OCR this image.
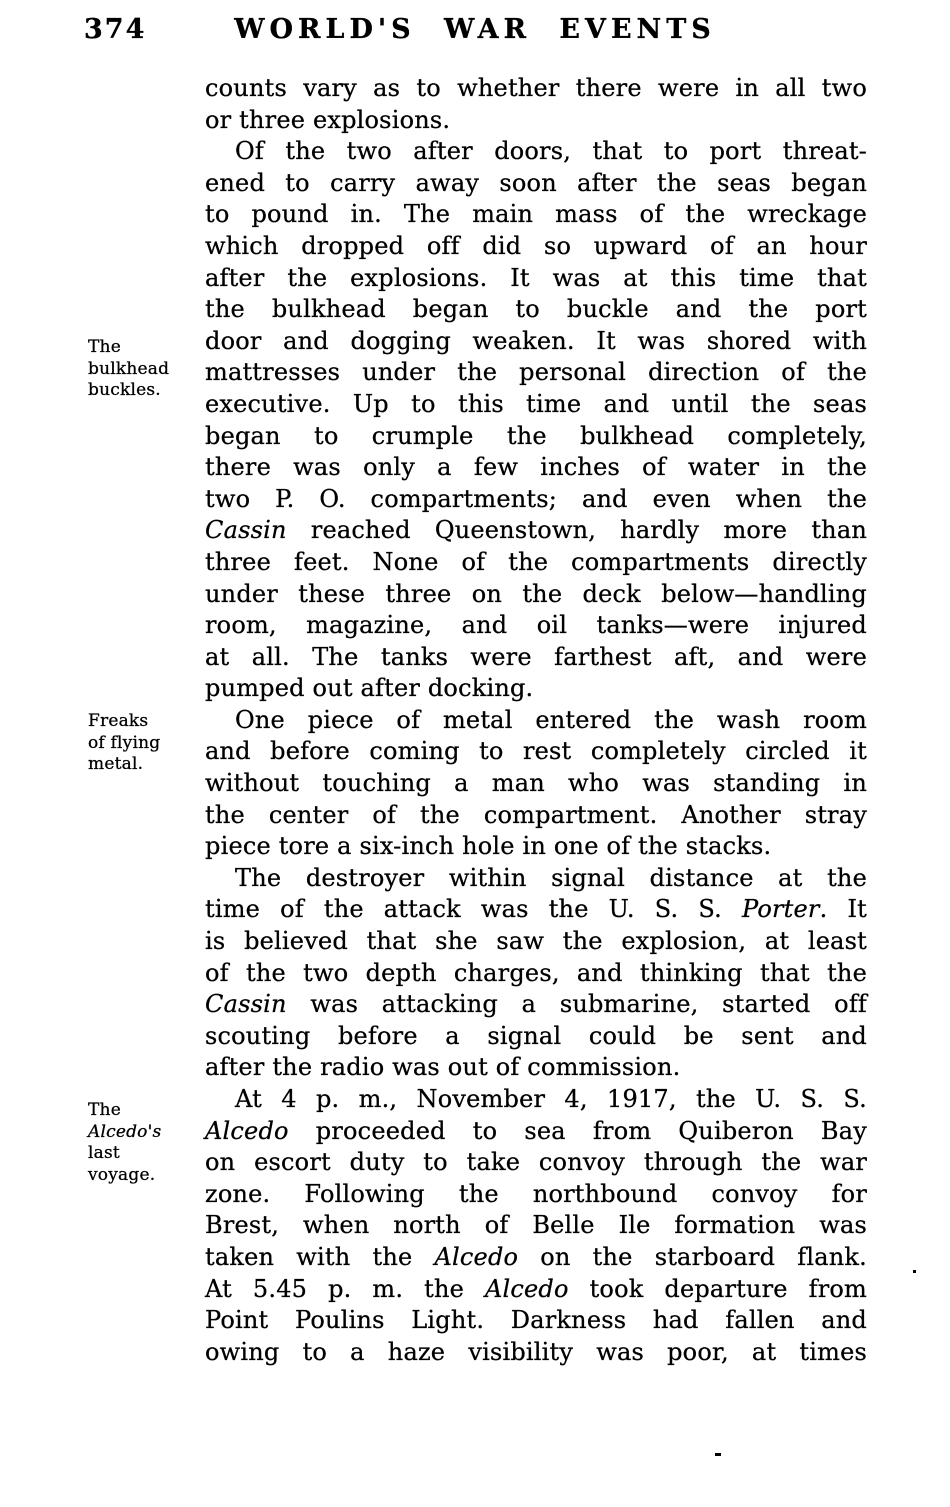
374	WORLD'S WAR EVENTS
The
bulkhead
buckles.
Freaks
of flying
metal.
The
Alcedo's
last
voyage.
counts vary as to whether there were in all two
or three explosions.
Of the two after doors, that to port threat-
ened to carry away soon after the seas began
to pound in. The main mass of the wreckage
which dropped off did so upward of an hour
after the explosions. It was at this time that
the bulkhead began to buckle and the port
door and dogging weaken. It was shored with
mattresses under the personal direction of the
executive. Up to this time and until the seas
began to crumple the bulkhead completely,
there was only a few inches of water in the
two P. O. compartments; and even when the
Cassin reached Queenstown, hardly more than
three feet. None of the compartments directly
under these three on the deck below—handling
room, magazine, and oil tanks—were injured
at all. The tanks were farthest aft, and were
pumped out after docking.
One piece of metal entered the wash room
and before coming to rest completely circled it
without touching a man who was standing in
the center of the compartment. Another stray
piece tore a six-inch hole in one of the stacks.
The destroyer within signal distance at the
time of the attack was the U. S. S. Porter. It
is believed that she saw the explosion, at least
of the two depth charges, and thinking that the
Cassin was attacking a submarine, started off
scouting before a signal could be sent and
after the radio was out of commission.
At 4 p. m., November 4, 1917, the U. S. S.
Alcedo proceeded to sea from Quiberon Bay
on escort duty to take convoy through the war
zone. Following the northbound convoy for
Brest, when north of Belle Ile formation was
taken with the Alcedo on the starboard flank.
At 5.45 p. m. the Alcedo took departure from
Point Poulins Light. Darkness had fallen and
owing to a haze visibility was poor, at times
